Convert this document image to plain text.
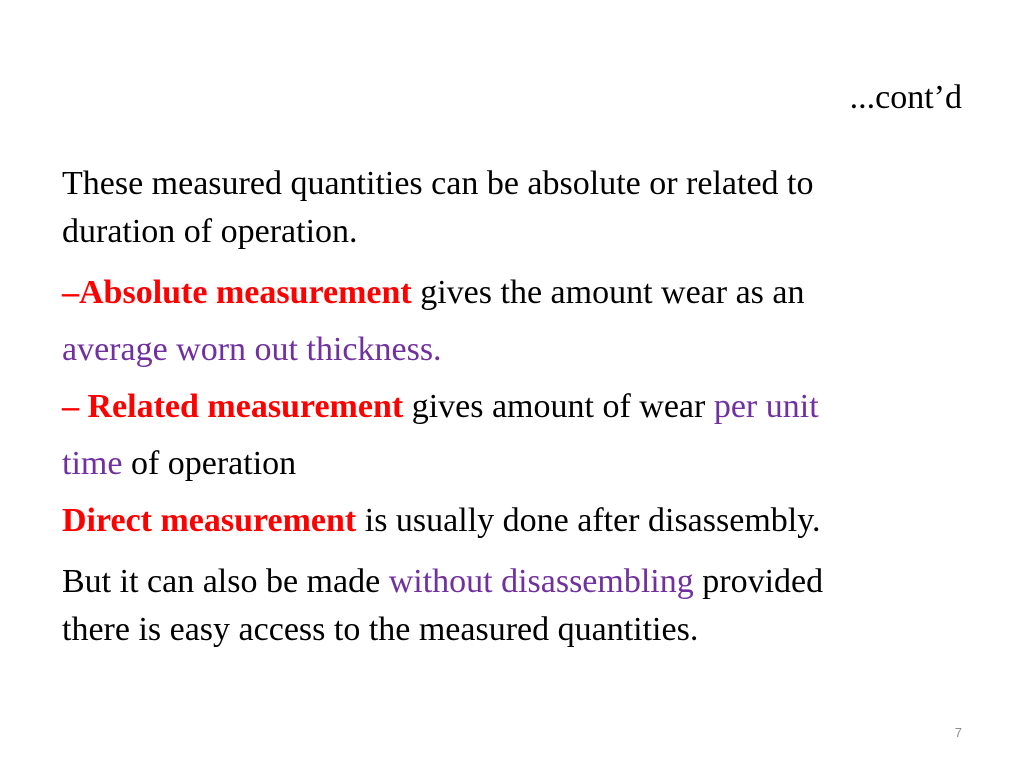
...cont’d

These measured quantities can be absolute or related to
duration of operation.

–Absolute measurement gives the amount wear as an
average worn out thickness.

– Related measurement gives amount of wear per unit
time of operation

Direct measurement is usually done after disassembly.

But it can also be made without disassembling provided
there is easy access to the measured quantities.

7
